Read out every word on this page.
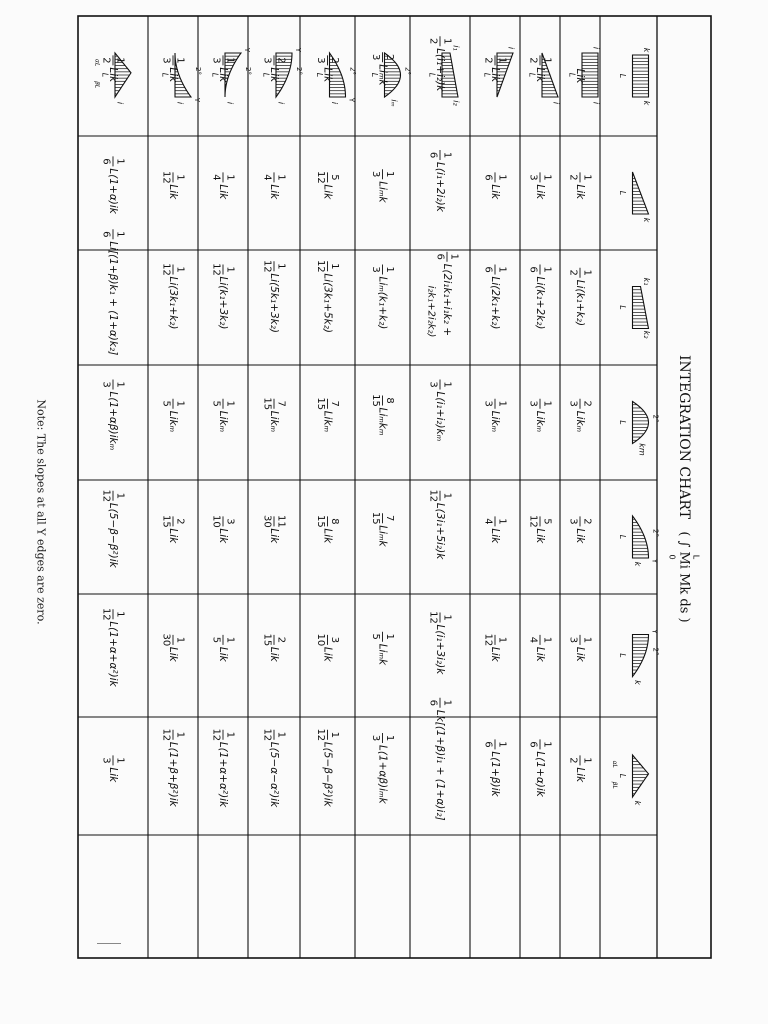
INTEGRATION CHART
( ∫ Mi Mk ds ) L
0
L
k
k
L
k
L
k₁
k₂
L
km
2°
L
k
2°
Y
L
k
2°
Y
L
k
αL
βL
L
i
i
L
i
L
i
L
i₁
i₂
L
iₘ
2°
L
i
2°
Y
L
i
2°
Y
L
i
2°
Y
L
i
2°
Y
L
i
αL
βL
Lik
1
2
Lik
1
2
Li(k₁+k₂)
2
3
Likₘ
2
3
Lik
1
3
Lik
1
2
Lik
1
2
Lik
1
3
Lik
1
6
Li(k₁+2k₂)
1
3
Likₘ
5
12
Lik
1
4
Lik
1
6
L(1+α)ik
1
2
Lik
1
6
Lik
1
6
Li(2k₁+k₂)
1
3
Likₘ
1
4
Lik
1
12
Lik
1
6
L(1+β)ik
1
2
L(i₁+i₂)k
1
6
L(i₁+2i₂)k
1
6
L(2i₁k₁+i₁k₂ +
i₂k₁+2i₂k₂)
1
3
L(i₁+i₂)kₘ
1
12
L(3i₁+5i₂)k
1
12
L(i₁+3i₂)k
1
6
Lk[(1+β)i₁ + (1+α)i₂]
2
3
Liₘk
1
3
Liₘk
1
3
Liₘ(k₁+k₂)
8
15
Liₘkₘ
7
15
Liₘk
1
5
Liₘk
1
3
L(1+αβ)iₘk
2
3
Lik
5
12
Lik
1
12
Li(3k₁+5k₂)
7
15
Likₘ
8
15
Lik
3
10
Lik
1
12
L(5−β−β²)ik
2
3
Lik
1
4
Lik
1
12
Li(5k₁+3k₂)
7
15
Likₘ
11
30
Lik
2
15
Lik
1
12
L(5−α−α²)ik
1
3
Lik
1
4
Lik
1
12
Li(k₁+3k₂)
1
5
Likₘ
3
10
Lik
1
5
Lik
1
12
L(1+α+α²)ik
1
3
Lik
1
12
Lik
1
12
Li(3k₁+k₂)
1
5
Likₘ
2
15
Lik
1
30
Lik
1
12
L(1+β+β²)ik
1
2
Lik
1
6
L(1+α)ik
1
6
Li[(1+β)k₁ + (1+α)k₂]
1
3
L(1+αβ)ikₘ
1
12
L(5−β−β²)ik
1
12
L(1+α+α²)ik
1
3
Lik
Note: The slopes at all Y edges are zero.
